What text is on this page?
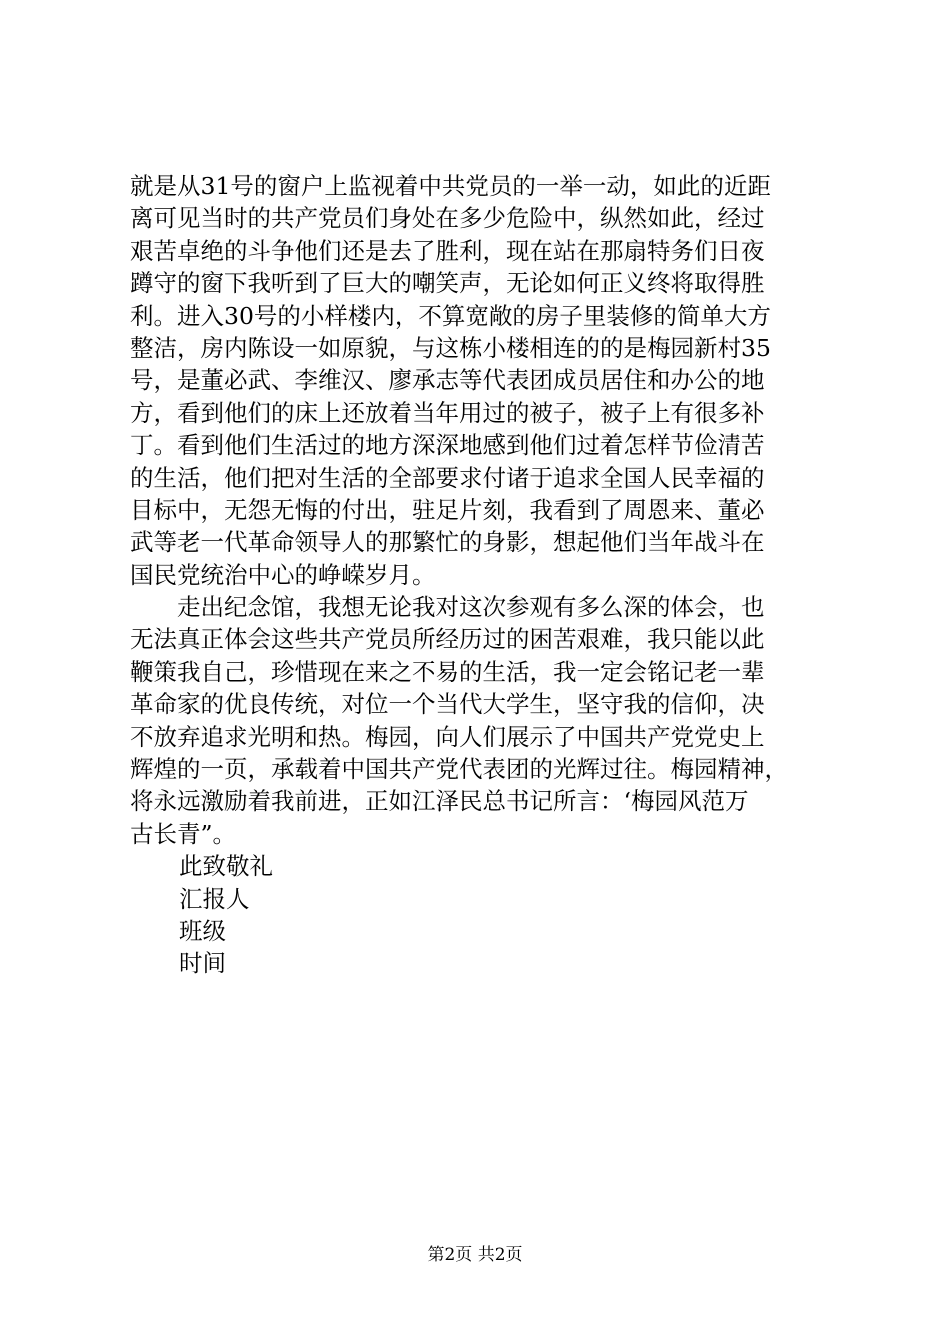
就是从31号的窗户上监视着中共党员的一举一动，如此的近距
离可见当时的共产党员们身处在多少危险中，纵然如此，经过
艰苦卓绝的斗争他们还是去了胜利，现在站在那扇特务们日夜
蹲守的窗下我听到了巨大的嘲笑声，无论如何正义终将取得胜
利。进入30号的小样楼内，不算宽敞的房子里装修的简单大方
整洁，房内陈设一如原貌，与这栋小楼相连的的是梅园新村35
号，是董必武、李维汉、廖承志等代表团成员居住和办公的地
方，看到他们的床上还放着当年用过的被子，被子上有很多补
丁。看到他们生活过的地方深深地感到他们过着怎样节俭清苦
的生活，他们把对生活的全部要求付诸于追求全国人民幸福的
目标中，无怨无悔的付出，驻足片刻，我看到了周恩来、董必
武等老一代革命领导人的那繁忙的身影，想起他们当年战斗在
国民党统治中心的峥嵘岁月。
走出纪念馆，我想无论我对这次参观有多么深的体会，也
无法真正体会这些共产党员所经历过的困苦艰难，我只能以此
鞭策我自己，珍惜现在来之不易的生活，我一定会铭记老一辈
革命家的优良传统，对位一个当代大学生，坚守我的信仰，决
不放弃追求光明和热。梅园，向人们展示了中国共产党党史上
辉煌的一页，承载着中国共产党代表团的光辉过往。梅园精神，
将永远激励着我前进，正如江泽民总书记所言：‘梅园风范万
古长青”。
此致敬礼
汇报人
班级
时间
第2页 共2页
